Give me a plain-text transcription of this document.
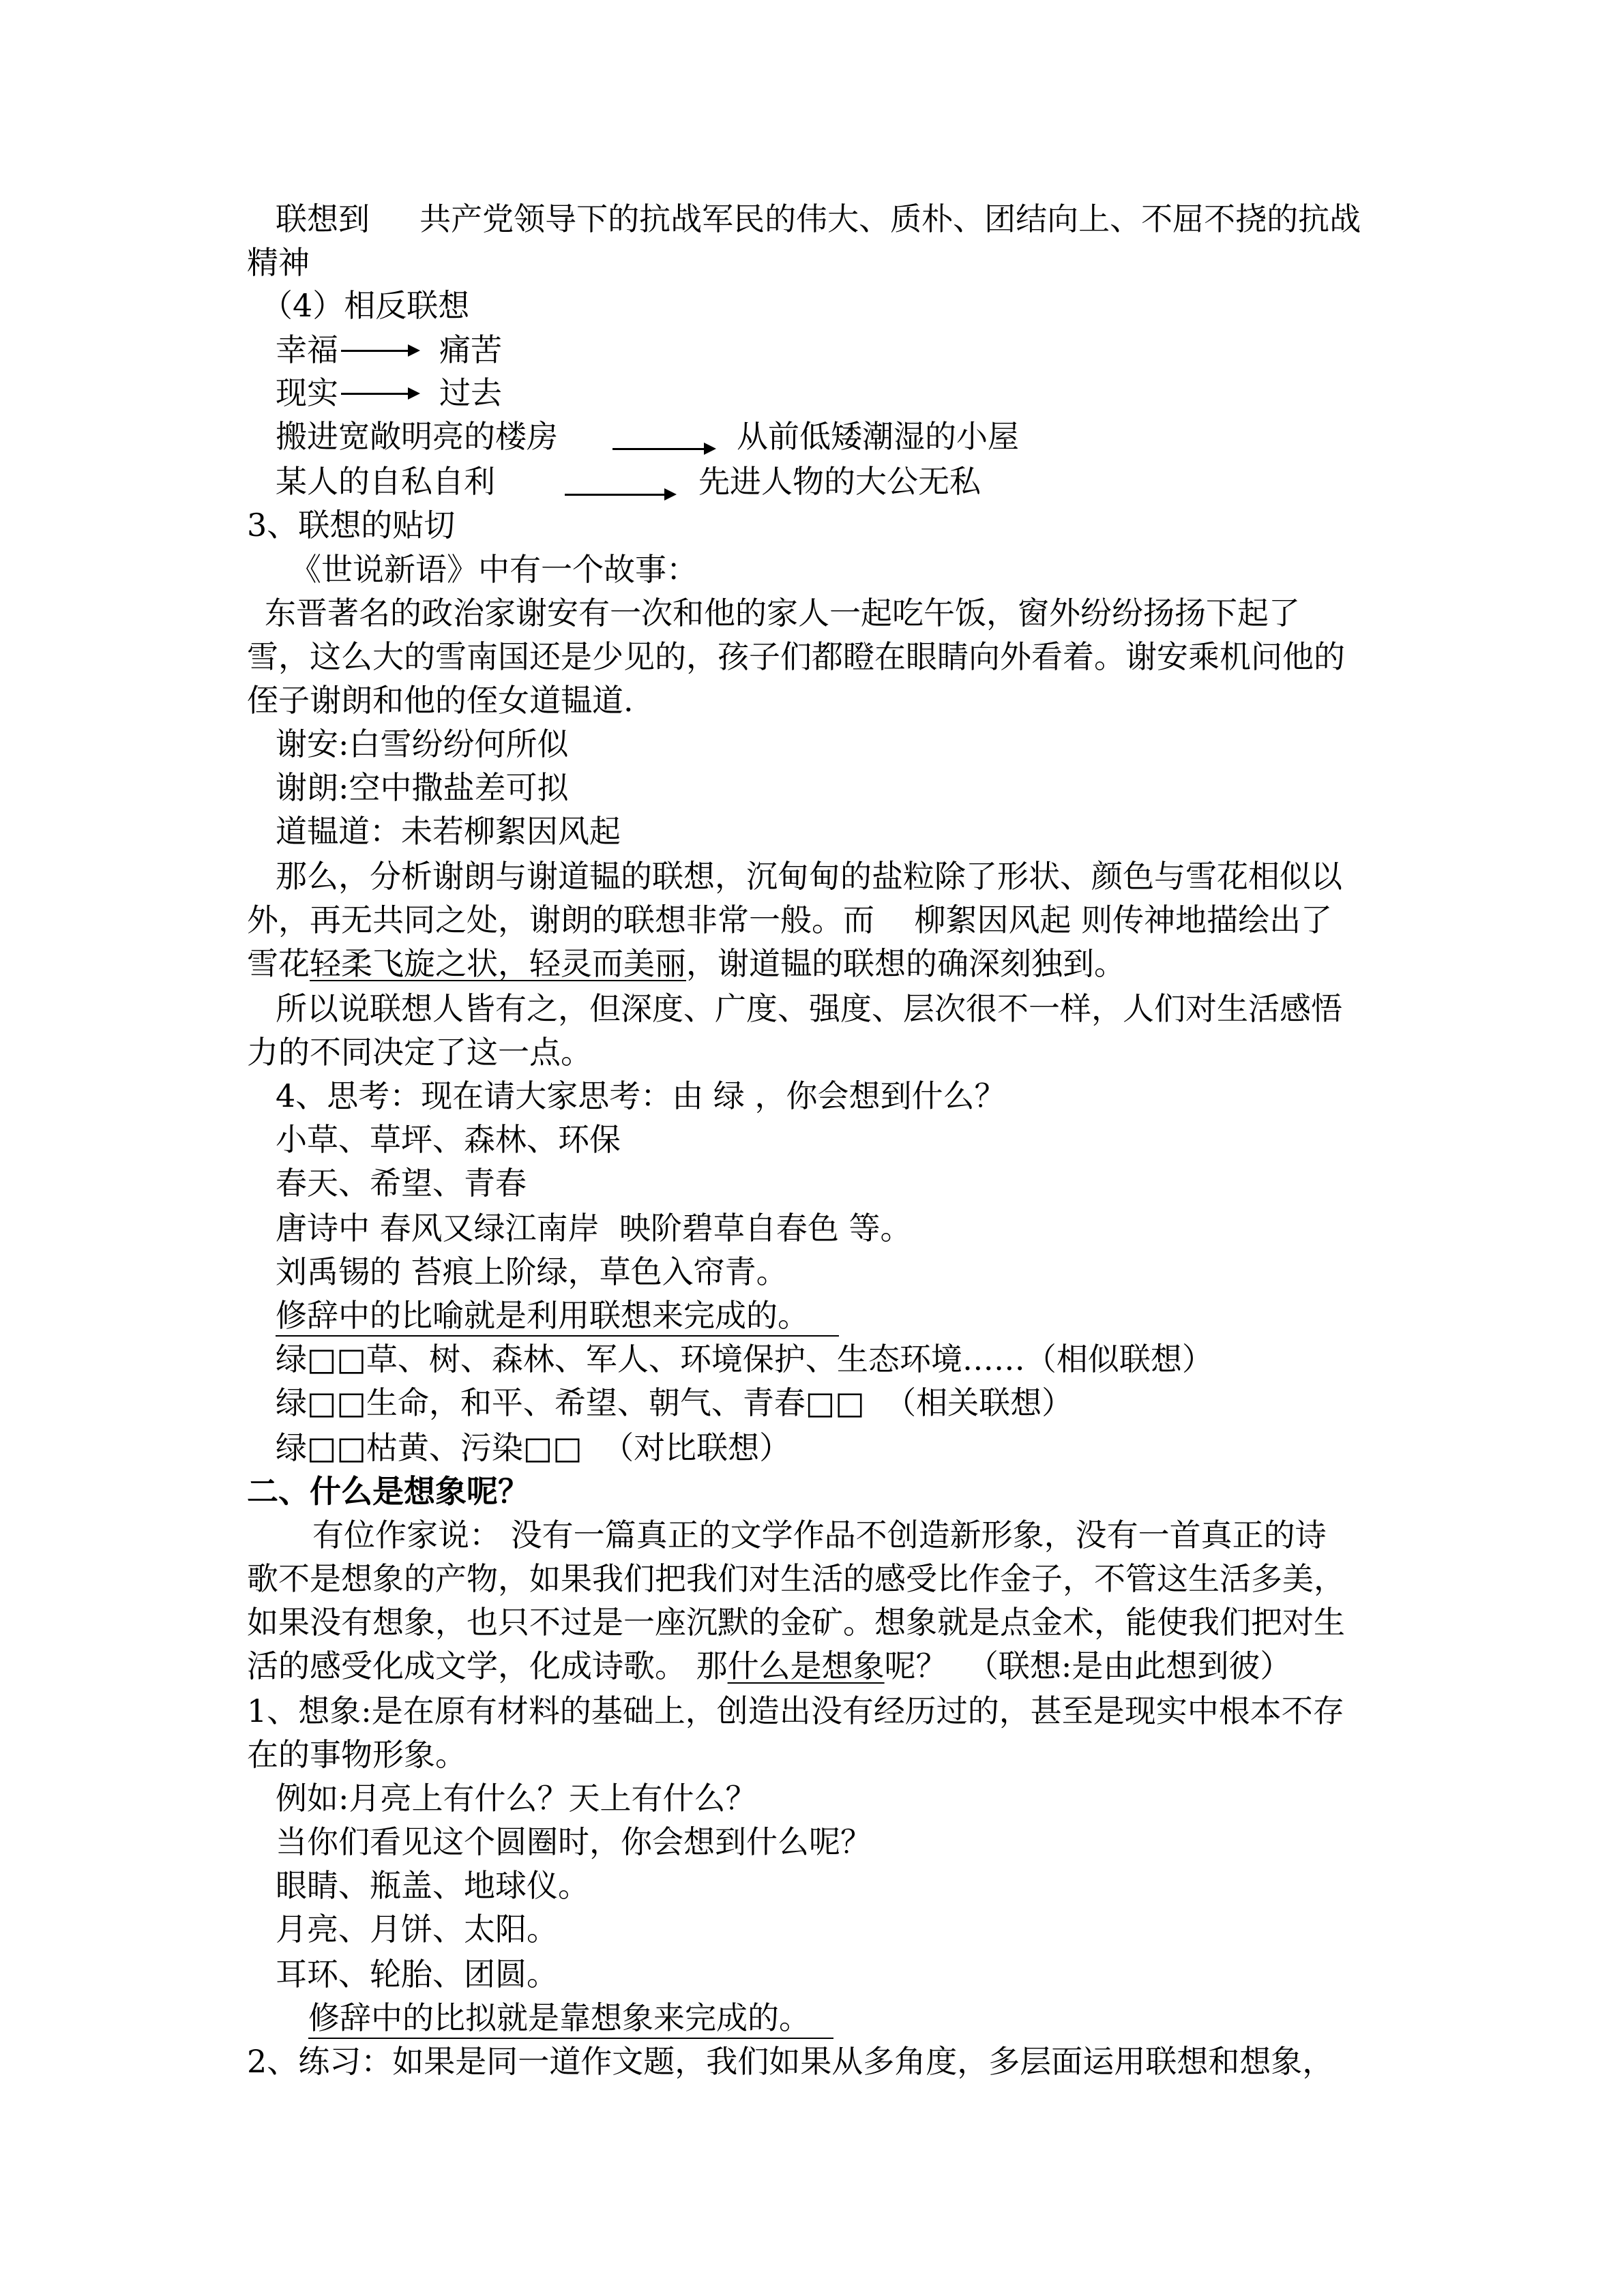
联想到     共产党领导下的抗战军民的伟大、质朴、团结向上、不屈不挠的抗战
精神
（4）相反联想
幸福	痛苦
现实	过去
搬进宽敞明亮的楼房	从前低矮潮湿的小屋
某人的自私自利	先进人物的大公无私
3、联想的贴切
《世说新语》中有一个故事：
东晋著名的政治家谢安有一次和他的家人一起吃午饭，窗外纷纷扬扬下起了
雪，这么大的雪南国还是少见的，孩子们都瞪在眼睛向外看着。谢安乘机问他的
侄子谢朗和他的侄女道韫道.
谢安:白雪纷纷何所似
谢朗:空中撒盐差可拟
道韫道：未若柳絮因风起
那么，分析谢朗与谢道韫的联想，沉甸甸的盐粒除了形状、颜色与雪花相似以
外，再无共同之处，谢朗的联想非常一般。而    柳絮因风起 则传神地描绘出了
雪花轻柔飞旋之状，轻灵而美丽，谢道韫的联想的确深刻独到。
所以说联想人皆有之，但深度、广度、强度、层次很不一样，人们对生活感悟
力的不同决定了这一点。
4、思考：现在请大家思考：由 绿 ，你会想到什么？
小草、草坪、森林、环保
春天、希望、青春
唐诗中 春风又绿江南岸  映阶碧草自春色 等。
刘禹锡的 苔痕上阶绿，草色入帘青。
修辞中的比喻就是利用联想来完成的。
绿□□草、树、森林、军人、环境保护、生态环境……（相似联想）
绿□□生命，和平、希望、朝气、青春□□  （相关联想）
绿□□枯黄、污染□□  （对比联想）
二、什么是想象呢？
有位作家说： 没有一篇真正的文学作品不创造新形象，没有一首真正的诗
歌不是想象的产物，如果我们把我们对生活的感受比作金子，不管这生活多美，
如果没有想象，也只不过是一座沉默的金矿。想象就是点金术，能使我们把对生
活的感受化成文学，化成诗歌。 那什么是想象呢？  （联想:是由此想到彼）
1、想象:是在原有材料的基础上，创造出没有经历过的，甚至是现实中根本不存
在的事物形象。
例如:月亮上有什么？天上有什么？
当你们看见这个圆圈时，你会想到什么呢？
眼睛、瓶盖、地球仪。
月亮、月饼、太阳。
耳环、轮胎、团圆。
修辞中的比拟就是靠想象来完成的。
2、练习：如果是同一道作文题，我们如果从多角度，多层面运用联想和想象，
